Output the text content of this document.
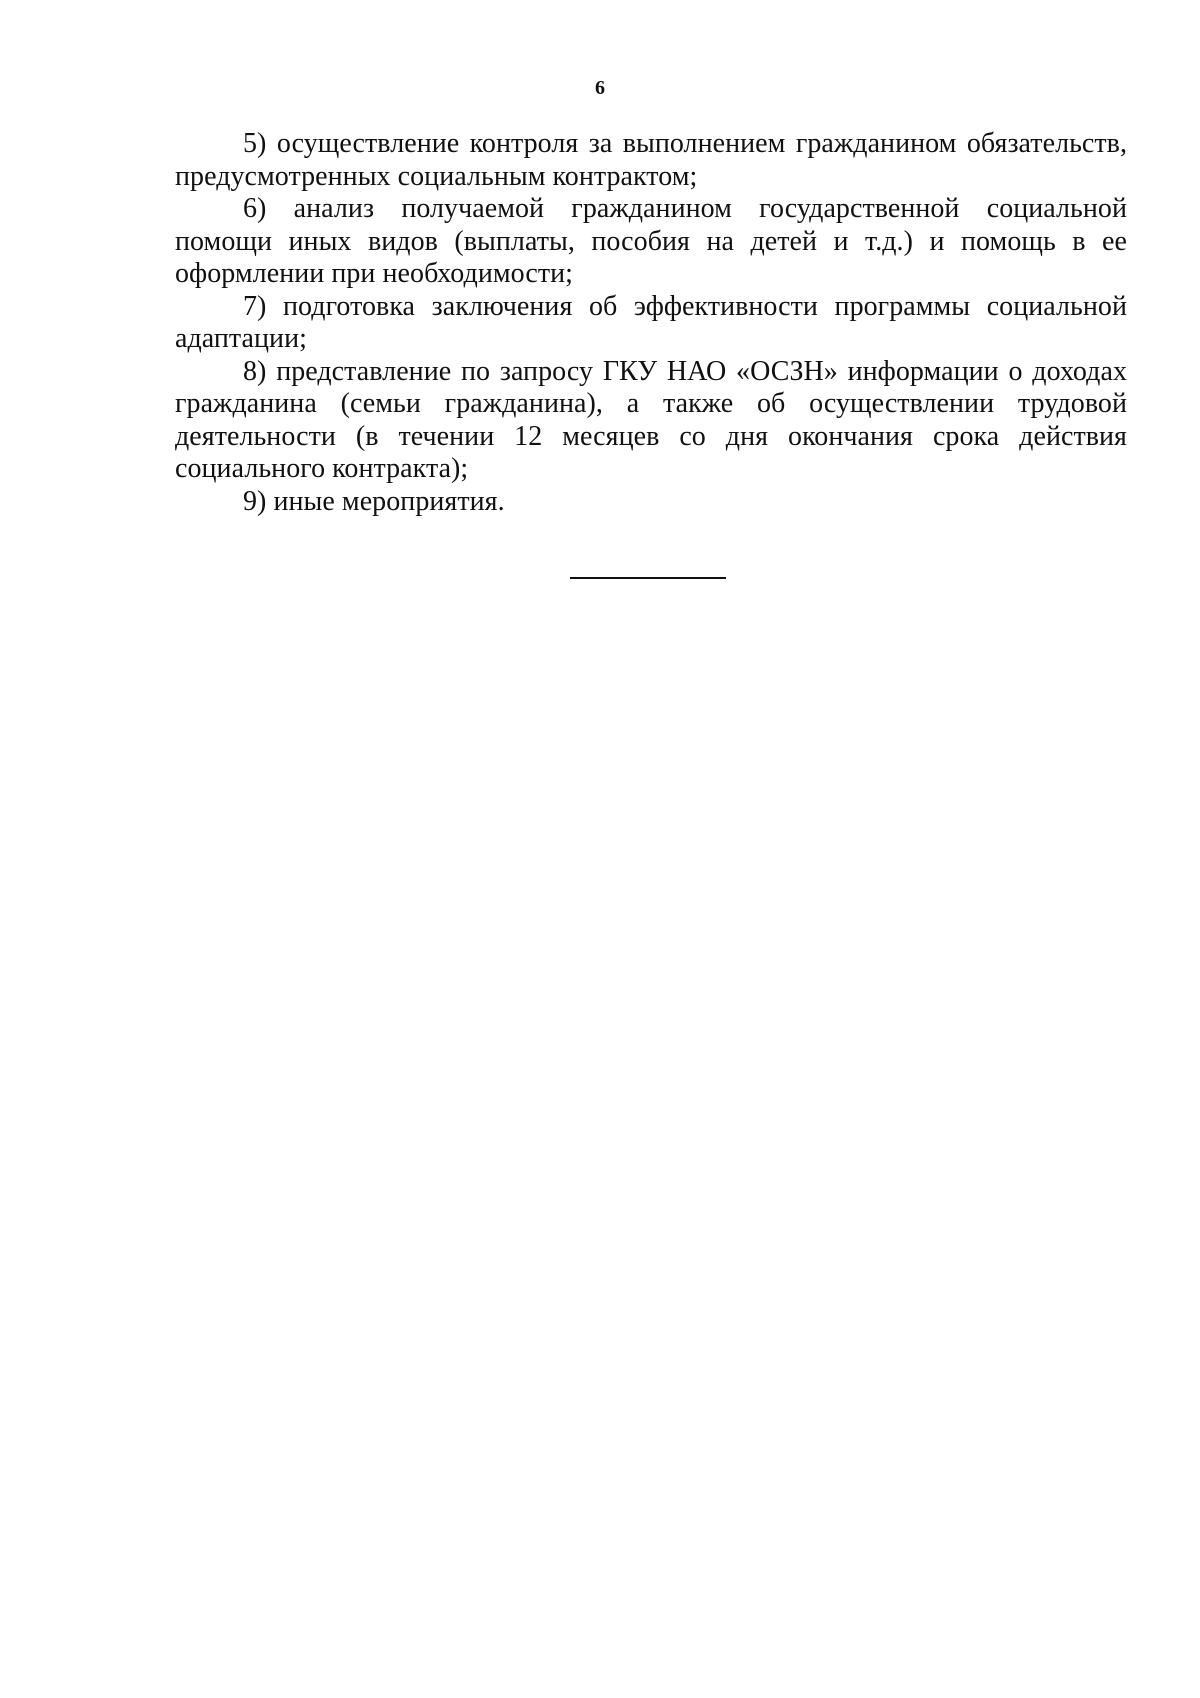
6

5) осуществление контроля за выполнением гражданином обязательств, предусмотренных социальным контрактом;

6) анализ получаемой гражданином государственной социальной помощи иных видов (выплаты, пособия на детей и т.д.) и помощь в ее оформлении при необходимости;

7) подготовка заключения об эффективности программы социальной адаптации;

8) представление по запросу ГКУ НАО «ОСЗН» информации о доходах гражданина (семьи гражданина), а также об осуществлении трудовой деятельности (в течении 12 месяцев со дня окончания срока действия социального контракта);

9) иные мероприятия.
